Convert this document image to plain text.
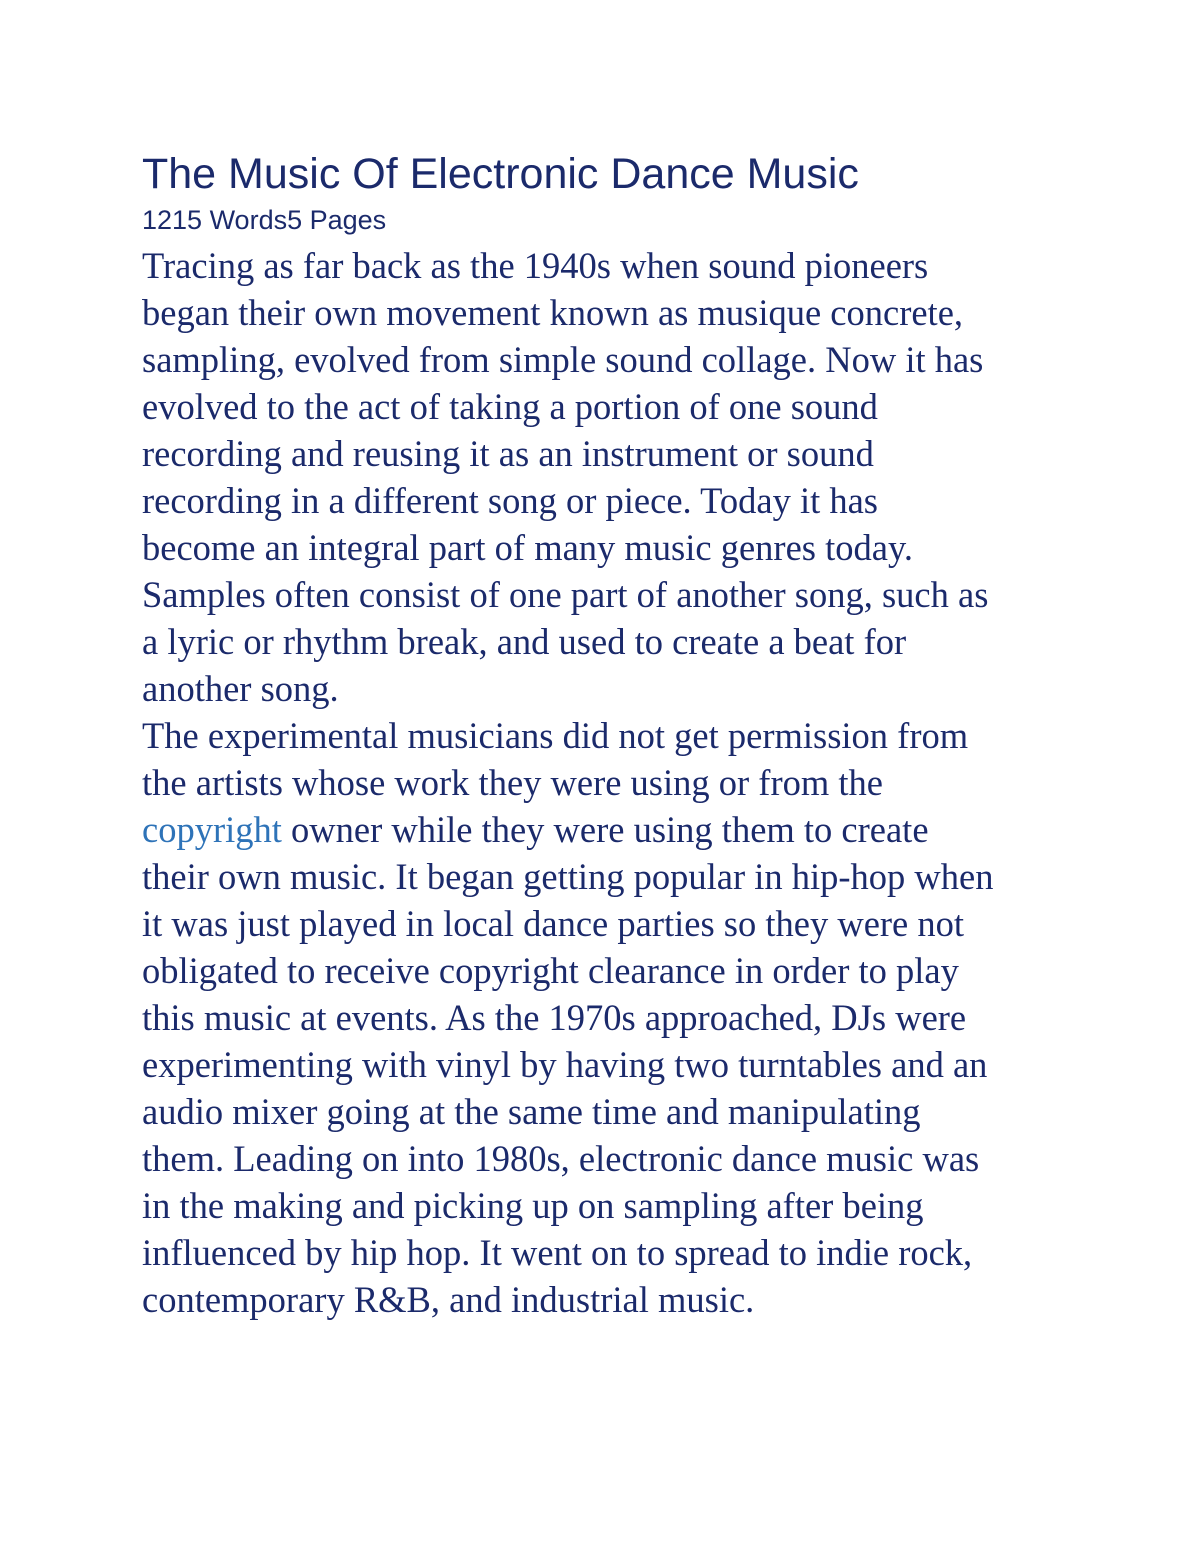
The Music Of Electronic Dance Music
1215 Words5 Pages

Tracing as far back as the 1940s when sound pioneers
began their own movement known as musique concrete,
sampling, evolved from simple sound collage. Now it has
evolved to the act of taking a portion of one sound
recording and reusing it as an instrument or sound
recording in a different song or piece. Today it has
become an integral part of many music genres today.
Samples often consist of one part of another song, such as
a lyric or rhythm break, and used to create a beat for
another song.

The experimental musicians did not get permission from
the artists whose work they were using or from the
copyright owner while they were using them to create
their own music. It began getting popular in hip-hop when
it was just played in local dance parties so they were not
obligated to receive copyright clearance in order to play
this music at events. As the 1970s approached, DJs were
experimenting with vinyl by having two turntables and an
audio mixer going at the same time and manipulating
them. Leading on into 1980s, electronic dance music was
in the making and picking up on sampling after being
influenced by hip hop. It went on to spread to indie rock,
contemporary R&B, and industrial music.
